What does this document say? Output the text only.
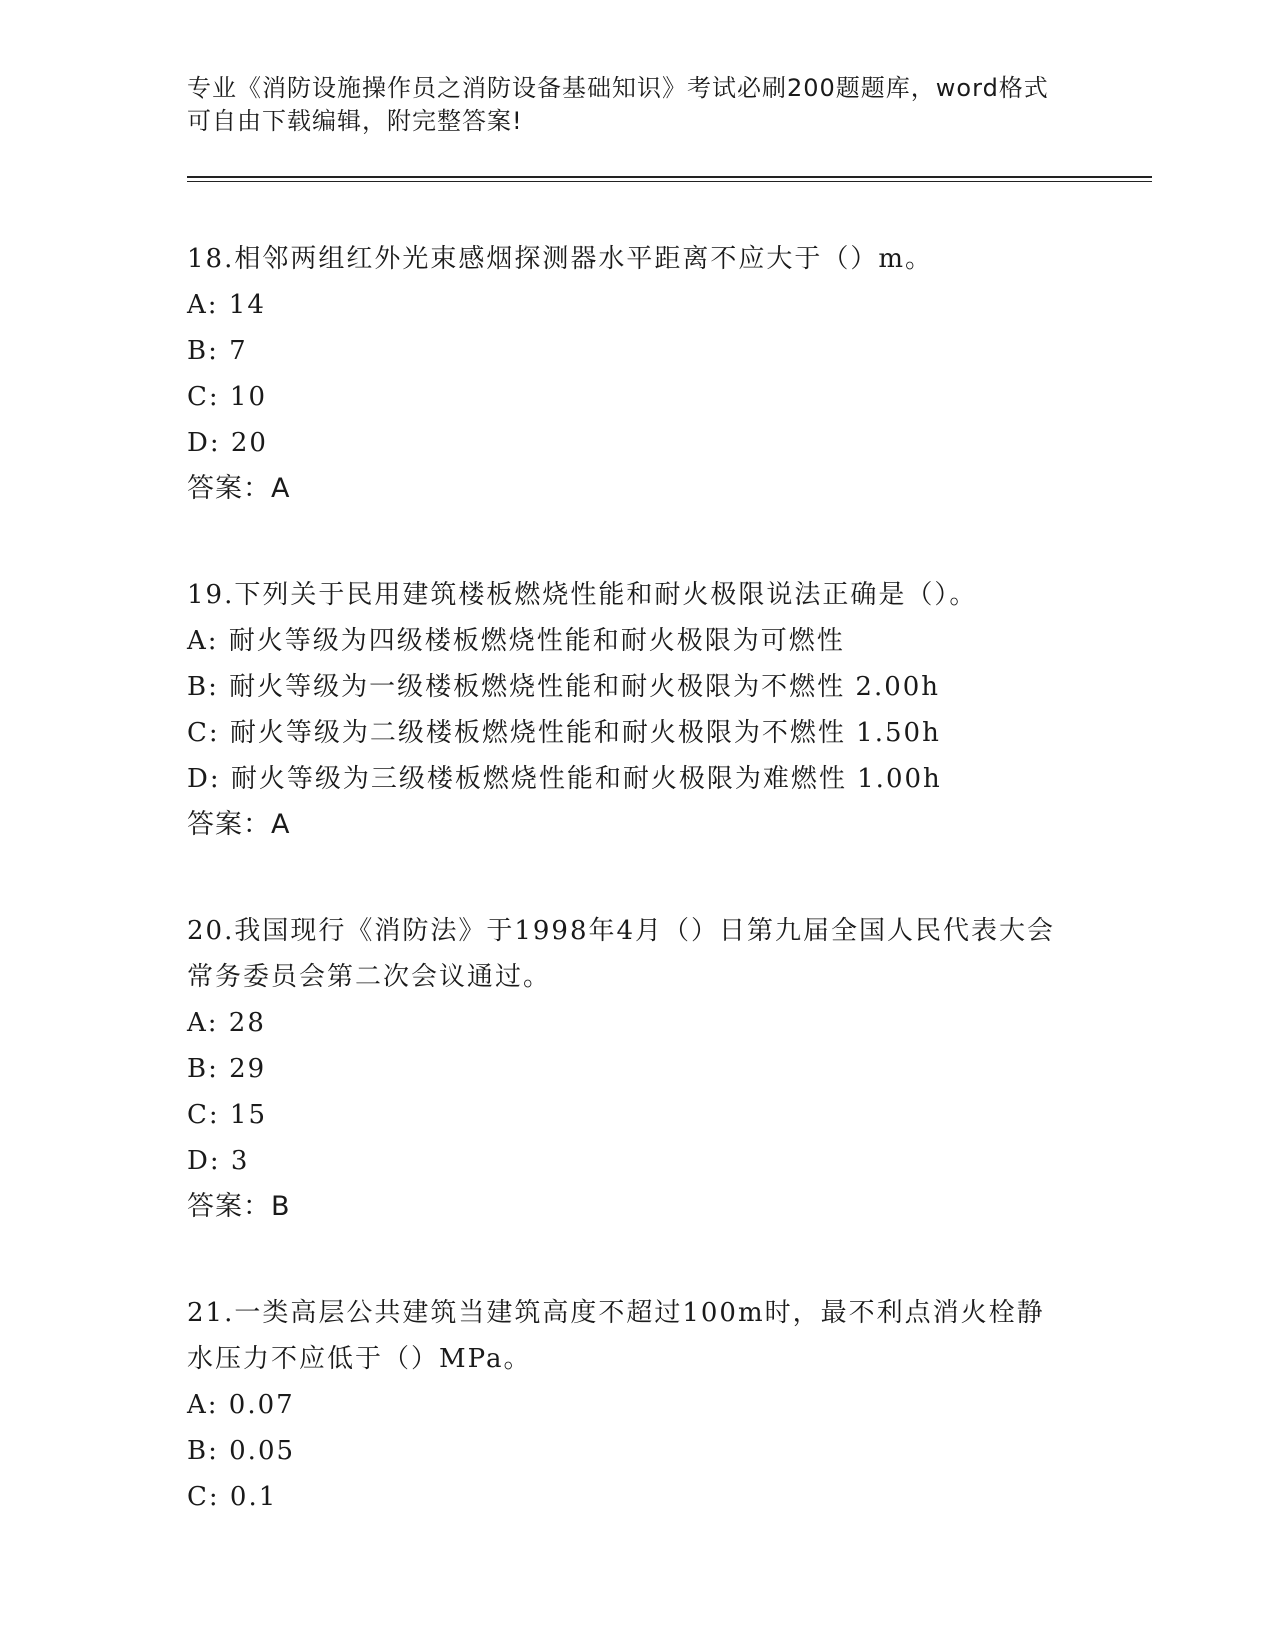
专业《消防设施操作员之消防设备基础知识》考试必刷200题题库，word格式可自由下载编辑，附完整答案!
18.相邻两组红外光束感烟探测器水平距离不应大于（）m。
A: 14
B: 7
C: 10
D: 20
答案：A
19.下列关于民用建筑楼板燃烧性能和耐火极限说法正确是（）。
A: 耐火等级为四级楼板燃烧性能和耐火极限为可燃性
B: 耐火等级为一级楼板燃烧性能和耐火极限为不燃性 2.00h
C: 耐火等级为二级楼板燃烧性能和耐火极限为不燃性 1.50h
D: 耐火等级为三级楼板燃烧性能和耐火极限为难燃性 1.00h
答案：A
20.我国现行《消防法》于1998年4月（）日第九届全国人民代表大会常务委员会第二次会议通过。
A: 28
B: 29
C: 15
D: 3
答案：B
21.一类高层公共建筑当建筑高度不超过100m时，最不利点消火栓静水压力不应低于（）MPa。
A: 0.07
B: 0.05
C: 0.1
